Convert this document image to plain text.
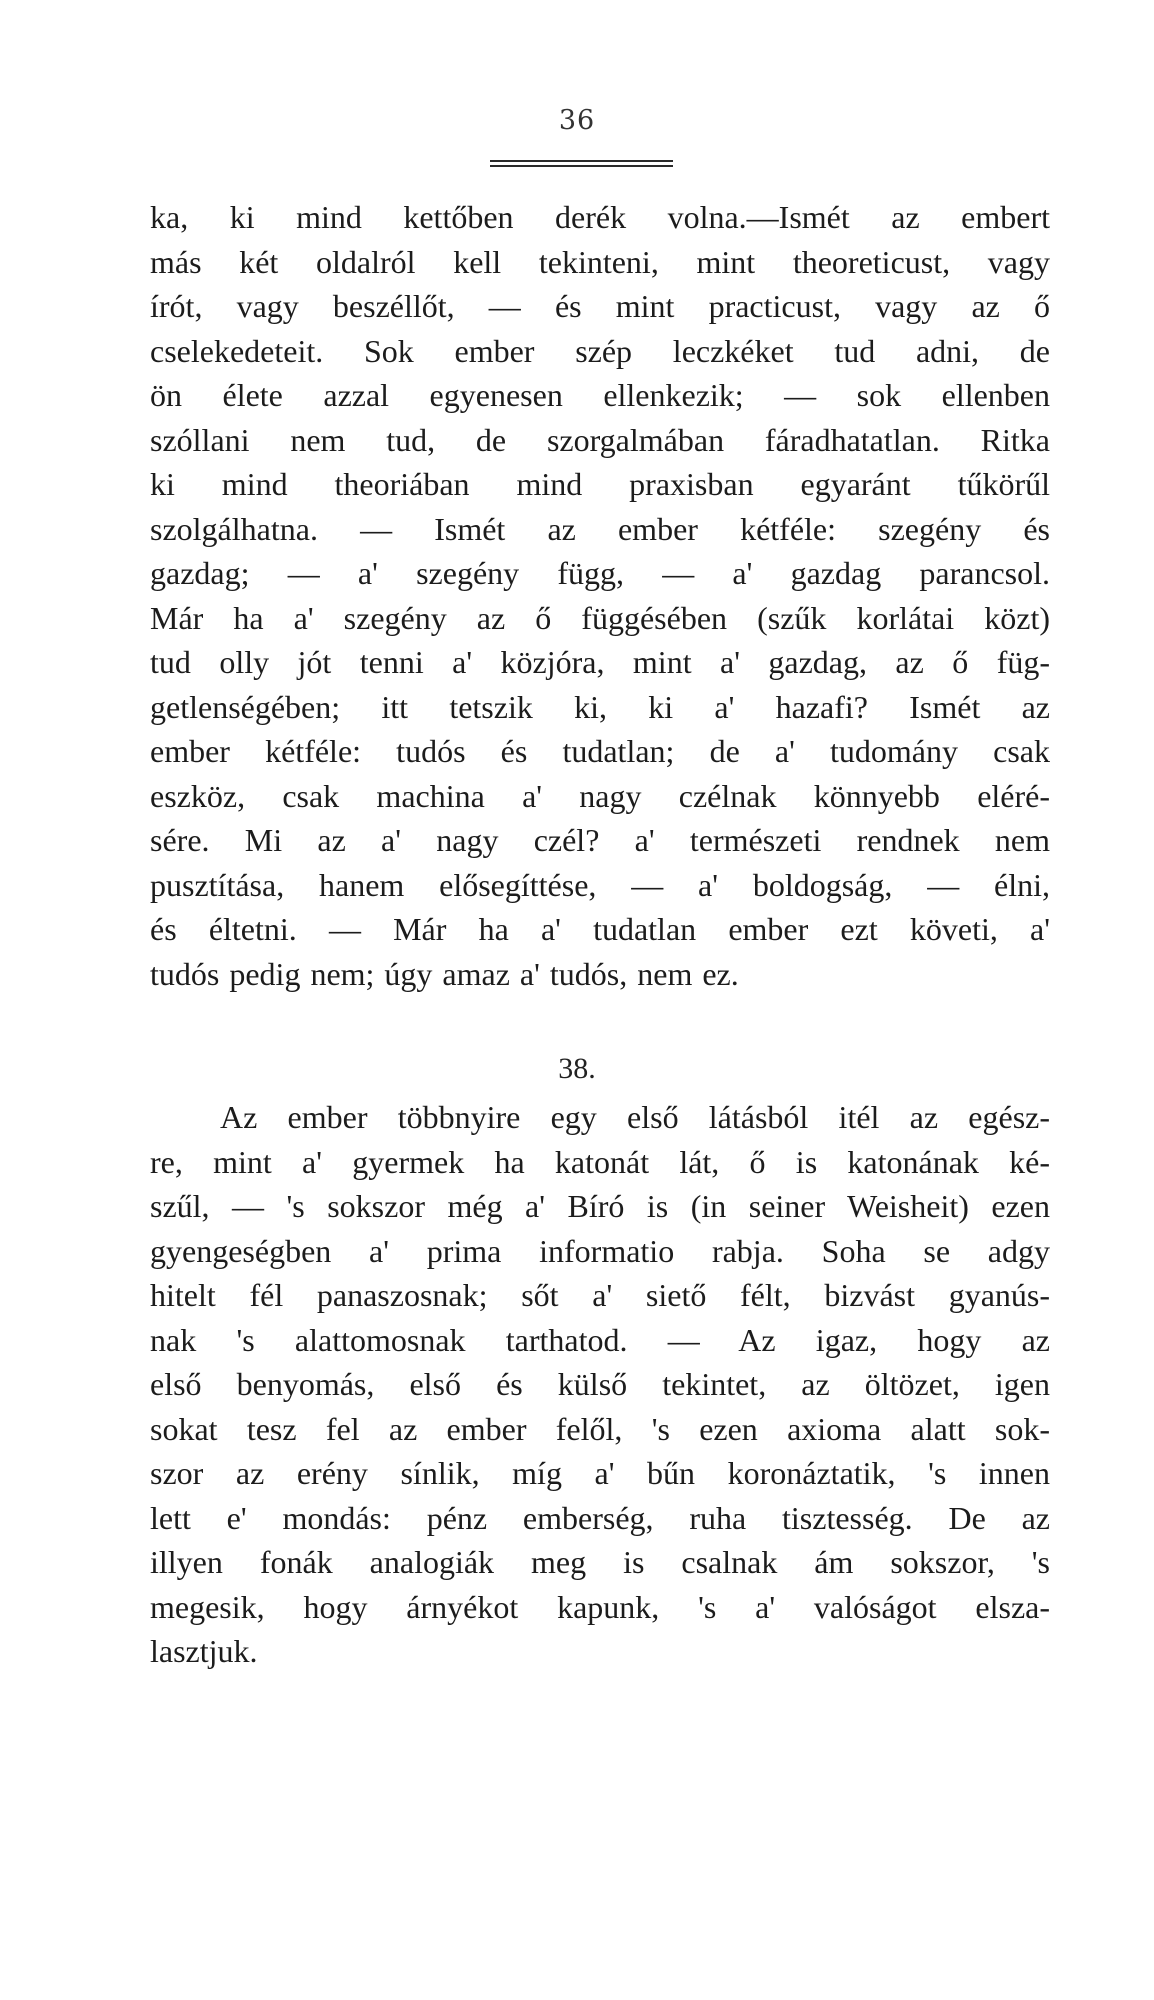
36
ka, ki mind kettőben derék volna.—Ismét az embert
más két oldalról kell tekinteni, mint theoreticust, vagy
írót, vagy beszéllőt, — és mint practicust, vagy az ő
cselekedeteit. Sok ember szép leczkéket tud adni, de
ön élete azzal egyenesen ellenkezik; — sok ellenben
szóllani nem tud, de szorgalmában fáradhatatlan. Ritka
ki mind theoriában mind praxisban egyaránt tűkörűl
szolgálhatna. — Ismét az ember kétféle: szegény és
gazdag; — a' szegény függ, — a' gazdag parancsol.
Már ha a' szegény az ő függésében (szűk korlátai közt)
tud olly jót tenni a' közjóra, mint a' gazdag, az ő füg-
getlenségében; itt tetszik ki, ki a' hazafi? Ismét az
ember kétféle: tudós és tudatlan; de a' tudomány csak
eszköz, csak machina a' nagy czélnak könnyebb eléré-
sére. Mi az a' nagy czél? a' természeti rendnek nem
pusztítása, hanem elősegíttése, — a' boldogság, — élni,
és éltetni. — Már ha a' tudatlan ember ezt követi, a'
tudós pedig nem; úgy amaz a' tudós, nem ez.
38.
Az ember többnyire egy első látásból itél az egész-
re, mint a' gyermek ha katonát lát, ő is katonának ké-
szűl, — 's sokszor még a' Bíró is (in seiner Weisheit) ezen
gyengeségben a' prima informatio rabja. Soha se adgy
hitelt fél panaszosnak; sőt a' siető félt, bizvást gyanús-
nak 's alattomosnak tarthatod. — Az igaz, hogy az
első benyomás, első és külső tekintet, az öltözet, igen
sokat tesz fel az ember felől, 's ezen axioma alatt sok-
szor az erény sínlik, míg a' bűn koronáztatik, 's innen
lett e' mondás: pénz emberség, ruha tisztesség. De az
illyen fonák analogiák meg is csalnak ám sokszor, 's
megesik, hogy árnyékot kapunk, 's a' valóságot elsza-
lasztjuk.
